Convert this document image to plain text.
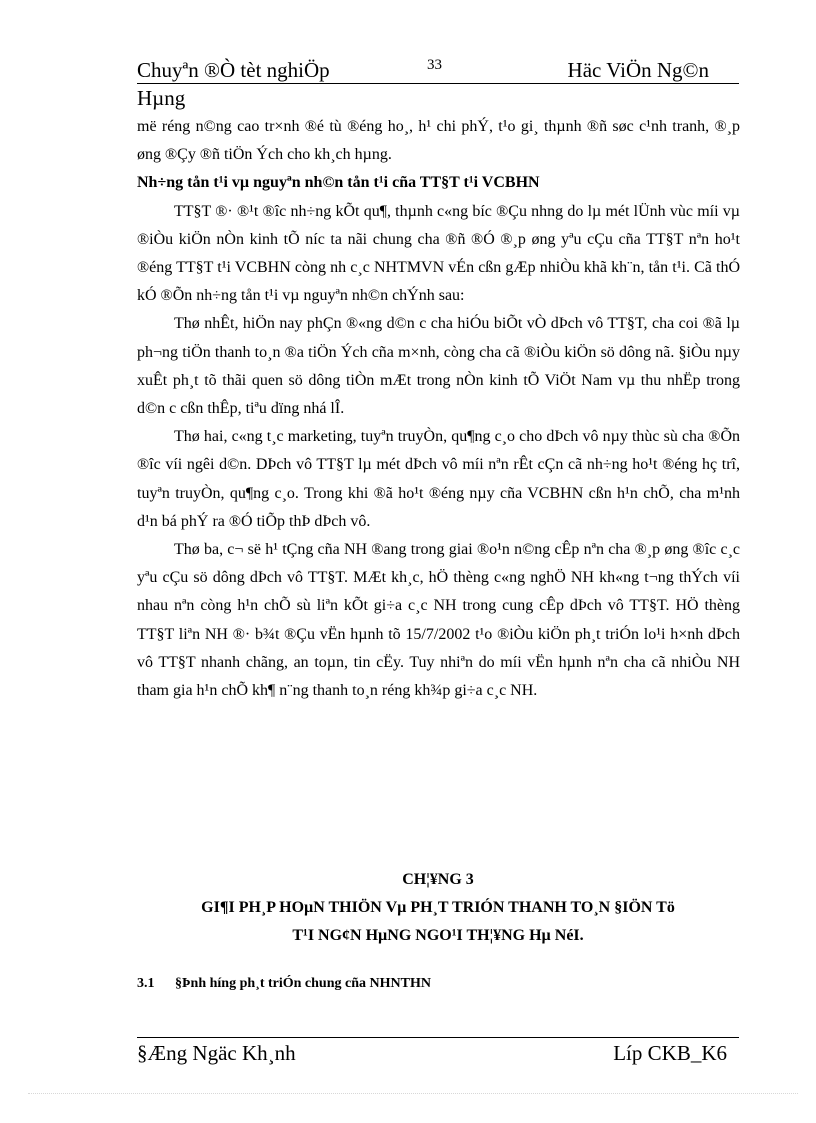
Chuyªn ®Ò tèt nghiÖp	33	Häc ViÖn Ng©n
Hµng

më réng n©ng cao tr×nh ®é tù ®éng ho¸, h¹ chi phÝ, t¹o gi¸ thµnh ®ñ søc c¹nh tranh, ®¸p øng ®Çy ®ñ tiÖn Ých cho kh¸ch hµng.

Nh÷ng tån t¹i vµ nguyªn nh©n tån t¹i cña TT§T t¹i VCBHN

TT§T ®· ®¹t ®îc nh÷ng kÕt qu¶, thµnh c«ng bíc ®Çu nhng do lµ mét lÜnh vùc míi vµ ®iÒu kiÖn nÒn kinh tÕ níc ta nãi chung cha ®ñ ®Ó ®¸p øng yªu cÇu cña TT§T nªn ho¹t ®éng TT§T t¹i VCBHN còng nh c¸c NHTMVN vÉn cßn gÆp nhiÒu khã kh¨n, tån t¹i. Cã thÓ kÓ ®Õn nh÷ng tån t¹i vµ nguyªn nh©n chÝnh sau:

Thø nhÊt, hiÖn nay phÇn ®«ng d©n c cha hiÓu biÕt vÒ dÞch vô TT§T, cha coi ®ã lµ ph¬ng tiÖn thanh to¸n ®a tiÖn Ých cña m×nh, còng cha cã ®iÒu kiÖn sö dông nã. §iÒu nµy xuÊt ph¸t tõ thãi quen sö dông tiÒn mÆt trong nÒn kinh tÕ ViÖt Nam vµ thu nhËp trong d©n c cßn thÊp, tiªu dïng nhá lÎ.

Thø hai, c«ng t¸c marketing, tuyªn truyÒn, qu¶ng c¸o cho dÞch vô nµy thùc sù cha ®Õn ®îc víi ngêi d©n. DÞch vô TT§T lµ mét dÞch vô míi nªn rÊt cÇn cã nh÷ng ho¹t ®éng hç trî, tuyªn truyÒn, qu¶ng c¸o. Trong khi ®ã ho¹t ®éng nµy cña VCBHN cßn h¹n chÕ, cha m¹nh d¹n bá phÝ ra ®Ó tiÕp thÞ dÞch vô.

Thø ba, c¬ së h¹ tÇng cña NH ®ang trong giai ®o¹n n©ng cÊp nªn cha ®¸p øng ®îc c¸c yªu cÇu sö dông dÞch vô TT§T. MÆt kh¸c, hÖ thèng c«ng nghÖ NH kh«ng t¬ng thÝch víi nhau nªn còng h¹n chÕ sù liªn kÕt gi÷a c¸c NH trong cung cÊp dÞch vô TT§T. HÖ thèng TT§T liªn NH ®· b¾t ®Çu vËn hµnh tõ 15/7/2002 t¹o ®iÒu kiÖn ph¸t triÓn lo¹i h×nh dÞch vô TT§T nhanh chãng, an toµn, tin cËy. Tuy nhiªn do míi vËn hµnh nªn cha cã nhiÒu NH tham gia h¹n chÕ kh¶ n¨ng thanh to¸n réng kh¾p gi÷a c¸c NH.

CH¦¥NG 3
GI¶I PH¸P HOµN THIÖN Vµ PH¸T TRIÓN THANH TO¸N §IÖN Tö
T¹I NG¢N HµNG NGO¹I TH¦¥NG Hµ NéI.
3.1 §Þnh híng ph¸t triÓn chung cña NHNTHN
§Æng Ngäc Kh¸nh	Líp CKB_K6
